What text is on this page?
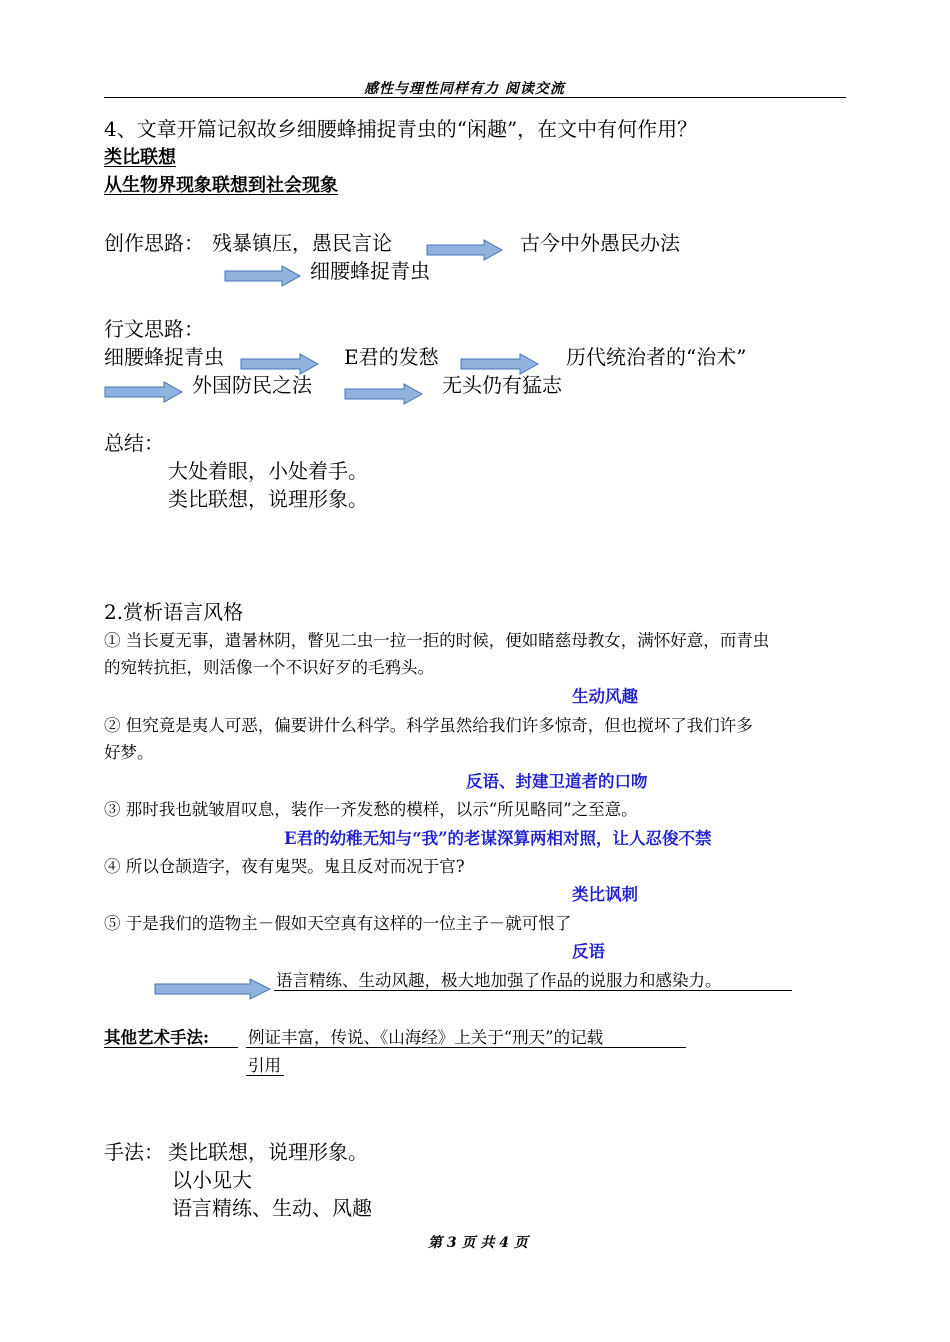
感性与理性同样有力 阅读交流
4、文章开篇记叙故乡细腰蜂捕捉青虫的“闲趣”，在文中有何作用？
类比联想
从生物界现象联想到社会现象
创作思路： 残暴镇压，愚民言论	古今中外愚民办法
细腰蜂捉青虫
行文思路：
细腰蜂捉青虫	E君的发愁	历代统治者的“治术”
外国防民之法	无头仍有猛志
总结：
大处着眼，小处着手。
类比联想，说理形象。
2.赏析语言风格
① 当长夏无事，遣暑林阴，瞥见二虫一拉一拒的时候，便如睹慈母教女，满怀好意，而青虫
的宛转抗拒，则活像一个不识好歹的毛鸦头。
生动风趣
② 但究竟是夷人可恶，偏要讲什么科学。科学虽然给我们许多惊奇，但也搅坏了我们许多
好梦。
反语、封建卫道者的口吻
③ 那时我也就皱眉叹息，装作一齐发愁的模样，以示“所见略同”之至意。
E君的幼稚无知与“我”的老谋深算两相对照，让人忍俊不禁
④ 所以仓颉造字，夜有鬼哭。鬼且反对而况于官?
类比讽刺
⑤ 于是我们的造物主－假如天空真有这样的一位主子－就可恨了
反语
语言精练、生动风趣，极大地加强了作品的说服力和感染力。
其他艺术手法: 例证丰富，传说、《山海经》上关于“刑天”的记载
引用
手法： 类比联想，说理形象。
以小见大
语言精练、生动、风趣
第 3 页 共 4 页
